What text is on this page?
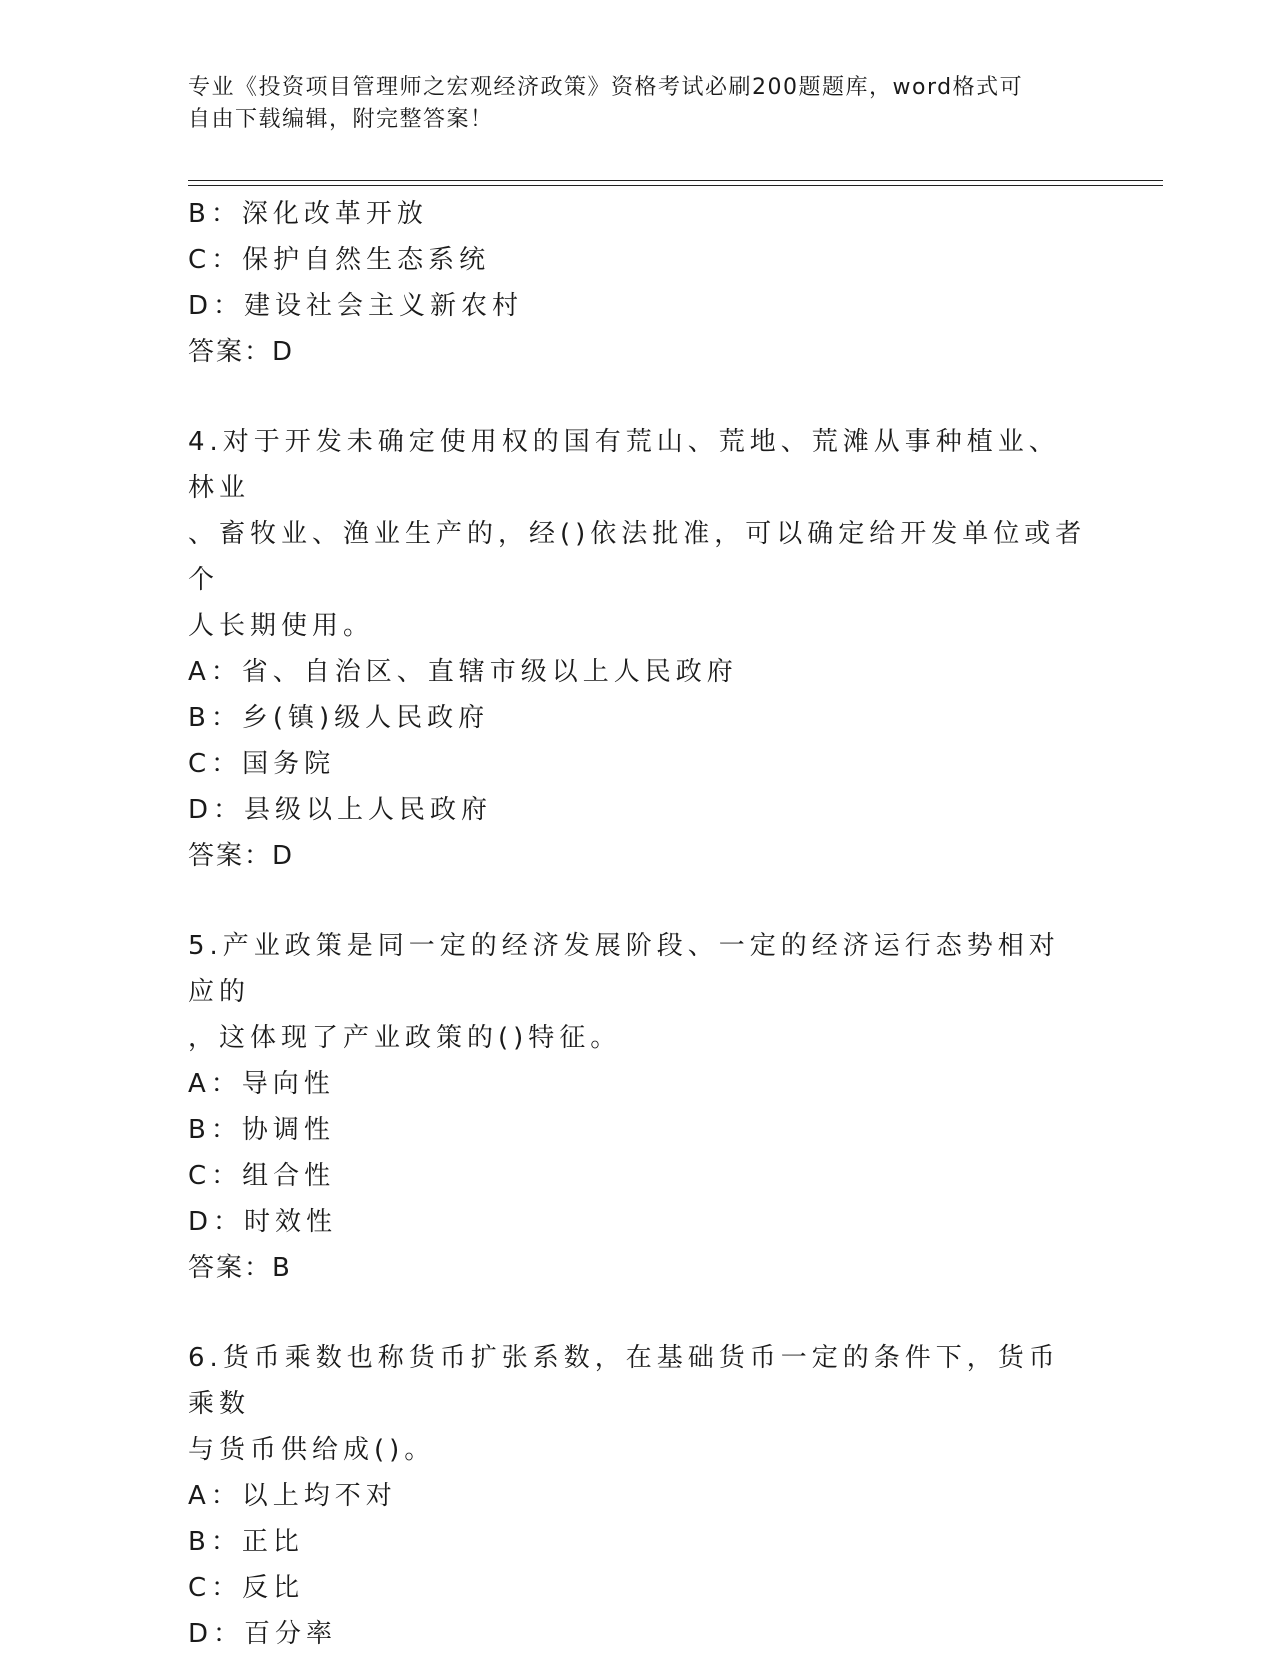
专业《投资项目管理师之宏观经济政策》资格考试必刷200题题库，word格式可
自由下载编辑，附完整答案！
B：深化改革开放
C：保护自然生态系统
D：建设社会主义新农村
答案：D
4.对于开发未确定使用权的国有荒山、荒地、荒滩从事种植业、林业
、畜牧业、渔业生产的，经()依法批准，可以确定给开发单位或者个
人长期使用。
A：省、自治区、直辖市级以上人民政府
B：乡(镇)级人民政府
C：国务院
D：县级以上人民政府
答案：D
5.产业政策是同一定的经济发展阶段、一定的经济运行态势相对应的
，这体现了产业政策的()特征。
A：导向性
B：协调性
C：组合性
D：时效性
答案：B
6.货币乘数也称货币扩张系数，在基础货币一定的条件下，货币乘数
与货币供给成()。
A：以上均不对
B：正比
C：反比
D：百分率
